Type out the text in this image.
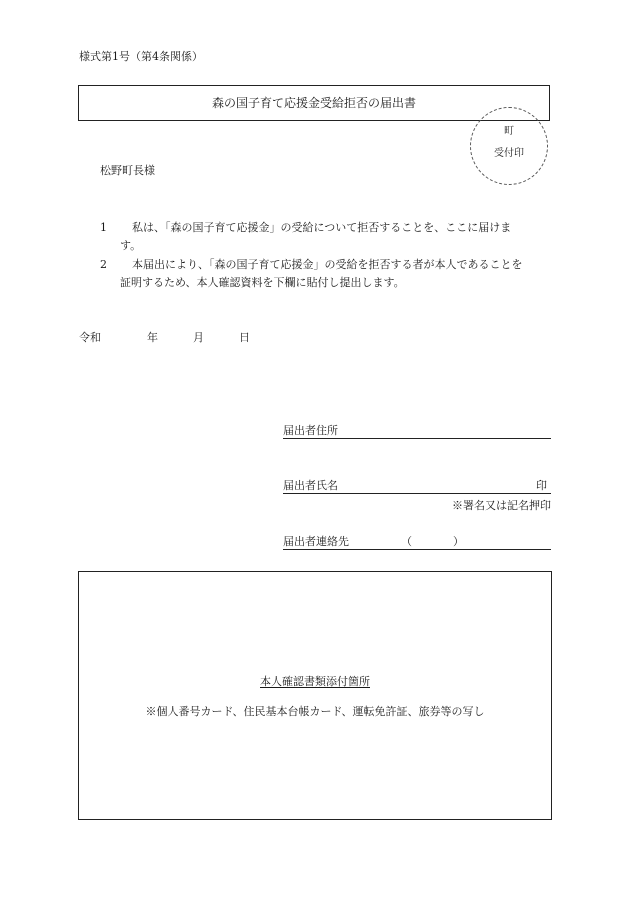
様式第1号（第4条関係）
森の国子育て応援金受給拒否の届出書
町
受付印
松野町長様
1	私は、「森の国子育て応援金」の受給について拒否することを、ここに届けます。
2	本届出により、「森の国子育て応援金」の受給を拒否する者が本人であることを証明するため、本人確認資料を下欄に貼付し提出します。
令和	年	月	日
届出者住所
届出者氏名	印
※署名又は記名押印
届出者連絡先	（	）
本人確認書類添付箇所
※個人番号カード、住民基本台帳カード、運転免許証、旅券等の写し
